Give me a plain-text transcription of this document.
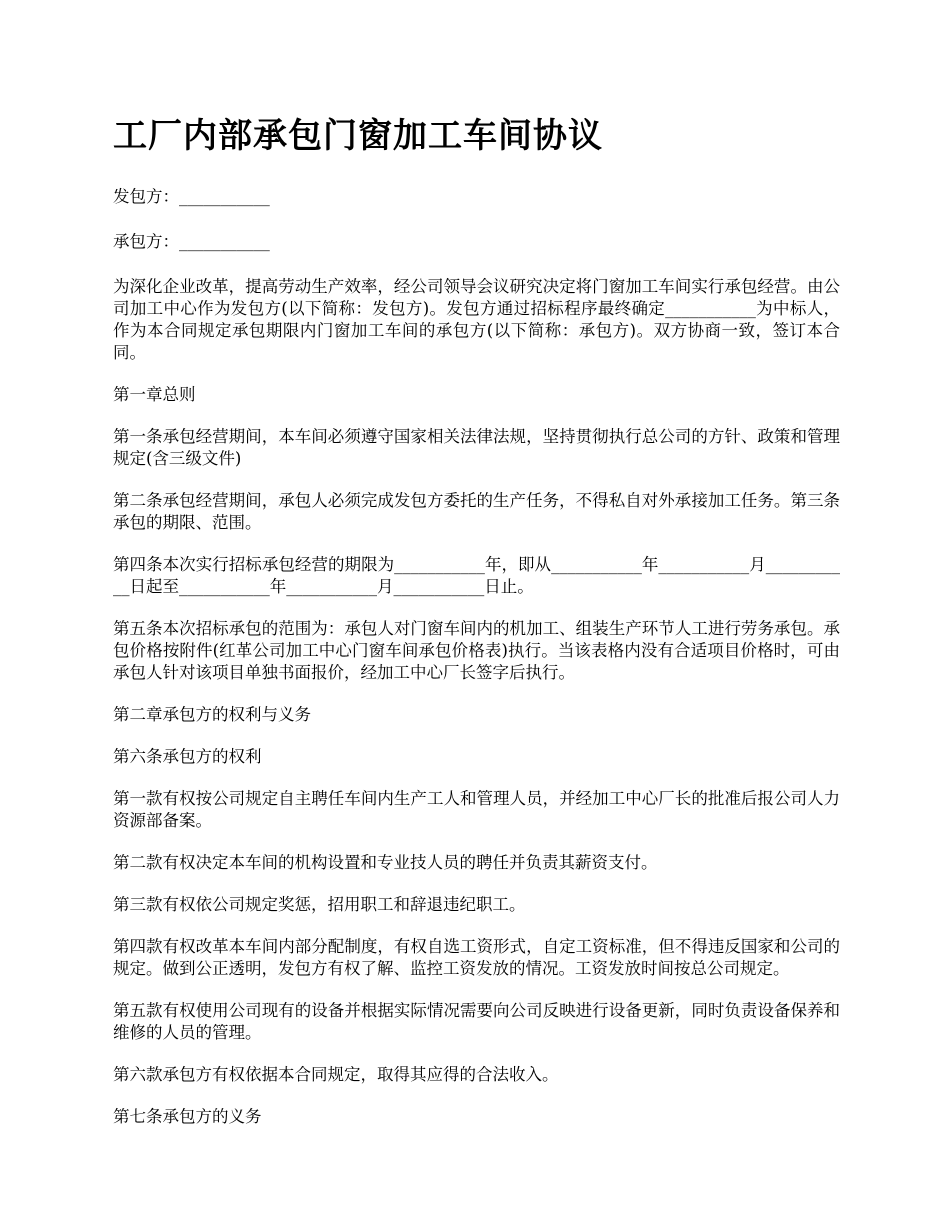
工厂内部承包门窗加工车间协议

发包方：___________

承包方：___________

为深化企业改革，提高劳动生产效率，经公司领导会议研究决定将门窗加工车间实行承包经营。由公司加工中心作为发包方(以下简称：发包方)。发包方通过招标程序最终确定___________为中标人，作为本合同规定承包期限内门窗加工车间的承包方(以下简称：承包方)。双方协商一致，签订本合同。

第一章总则

第一条承包经营期间，本车间必须遵守国家相关法律法规，坚持贯彻执行总公司的方针、政策和管理规定(含三级文件)

第二条承包经营期间，承包人必须完成发包方委托的生产任务，不得私自对外承接加工任务。第三条承包的期限、范围。

第四条本次实行招标承包经营的期限为___________年，即从___________年___________月___________日起至___________年___________月___________日止。

第五条本次招标承包的范围为：承包人对门窗车间内的机加工、组装生产环节人工进行劳务承包。承包价格按附件(红革公司加工中心门窗车间承包价格表)执行。当该表格内没有合适项目价格时，可由承包人针对该项目单独书面报价，经加工中心厂长签字后执行。

第二章承包方的权利与义务

第六条承包方的权利

第一款有权按公司规定自主聘任车间内生产工人和管理人员，并经加工中心厂长的批准后报公司人力资源部备案。

第二款有权决定本车间的机构设置和专业技人员的聘任并负责其薪资支付。

第三款有权依公司规定奖惩，招用职工和辞退违纪职工。

第四款有权改革本车间内部分配制度，有权自选工资形式，自定工资标准，但不得违反国家和公司的规定。做到公正透明，发包方有权了解、监控工资发放的情况。工资发放时间按总公司规定。

第五款有权使用公司现有的设备并根据实际情况需要向公司反映进行设备更新，同时负责设备保养和维修的人员的管理。

第六款承包方有权依据本合同规定，取得其应得的合法收入。

第七条承包方的义务
